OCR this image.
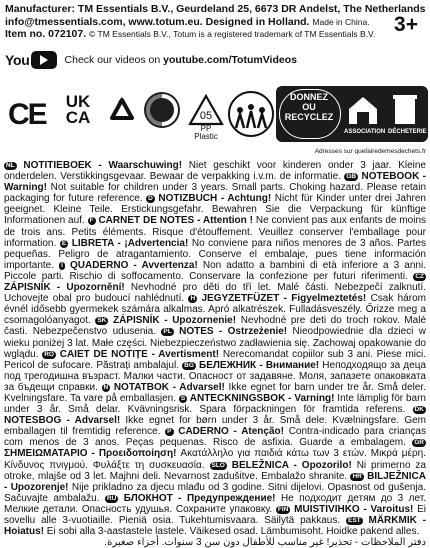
Manufacturer: TM Essentials B.V., Geurdeland 25, 6673 DR Andelst, The Netherlands
info@tmessentials.com, www.totum.eu. Designed in Holland. Made in China.
Item no. 072107. © TM Essentials B.V., Totum is a registered trademark of TM Essentials B.V. 3+
You	Check our videos on youtube.com/TotumVideos
CE	UK
CA	05
PP
Plastic
DONNEZ
OU
RECYCLEZ
ASSOCIATION DÉCHETERIE
Adresses sur quefairedemesdechets.fr

NL NOTITIEBOEK - Waarschuwing! Niet geschikt voor kinderen onder 3 jaar. Kleine onderdelen. Verstikkingsgevaar. Bewaar de verpakking i.v.m. de informatie. GB NOTEBOOK - Warning! Not suitable for children under 3 years. Small parts. Choking hazard. Please retain packaging for future reference. D NOTIZBUCH - Achtung! Nicht für Kinder unter drei Jahren geeignet. Kleine Teile. Erstickungsgefahr. Bewahren Sie die Verpackung für künftige Informationen auf. F CARNET DE NOTES - Attention ! Ne convient pas aux enfants de moins de trois ans. Petits éléments. Risque d'étouffement. Veuillez conserver l'emballage pour information. E LIBRETA - ¡Advertencia! No conviene para niños menores de 3 años. Partes pequeñas. Peligro de atragantamiento. Conserve el embalaje, pues tiene información importante. I QUADERNO - Avvertenza! Non adatto a bambini di età inferiore a 3 anni. Piccole parti. Rischio di soffocamento. Conservare la confezione per futuri riferimenti. CZ ZÁPISNÍK - Upozornění! Nevhodné pro děti do tří let. Malé části. Nebezpečí zalknutí. Uchovejte obal pro budoucí nahlédnutí. H JEGYZETFÜZET - Figyelmeztetés! Csak három évnél idősebb gyermekek számára alkalmas. Apró alkatrészek. Fulladásveszély. Őrizze meg a csomagolóanyagot. SK ZÁPISNÍK - Upozornenie! Nevhodné pre deti do troch rokov. Malé časti. Nebezpečenstvo udusenia. PL NOTES - Ostrzeżenie! Nieodpowiednie dla dzieci w wieku poniżej 3 lat. Małe części. Niebezpieczeństwo zadławienia się. Zachowaj opakowanie do wglądu. RO CAIET DE NOTIȚE - Avertisment! Nerecomandat copiilor sub 3 ani. Piese mici. Pericol de sufocare. Păstrați ambalajul. BG БЕЛЕЖНИК - Внимание! Неподходящо за деца под трегодишна възраст. Малки части. Опасност от задавяне. Моля, запазете опаковката за бъдещи справки. N NOTATBOK - Advarsel! Ikke egnet for barn under tre år. Små deler. Kvelningsfare. Ta vare på emballasjen. S ANTECKNINGSBOK - Varning! Inte lämplig för barn under 3 år. Små delar. Kvävningsrisk. Spara förpackningen för framtida referens. DK NOTESBOG - Advarsel! Ikke egnet for børn under 3 år. Små dele. Kvælningsfare. Gem emballagen til fremtidig reference. P CADERNO - Atenção! Contra-indicado para crianças com menos de 3 anos. Peças pequenas. Risco de asfixia. Guarde a embalagem. GR ΣΗΜΕΙΩΜΑΤΑΡΙΟ - Προειδοποίηση! Ακατάλληλο για παιδιά κάτω των 3 ετών. Μικρά μέρη. Κίνδυνος πνιγμού. Φυλάξτε τη συσκευασία. SLO BELEŽNICA - Opozorilo! Ni primerno za otroke, mlajše od 3 let. Majhni deli. Nevarnost zadušitve. Embalažo shranite. HR BILJEŽNICA - Upozorenje! Nije prikladno za djecu mlađu od 3 godine. Sitni dijelovi. Opasnost od gušenja. Sačuvajte ambalažu. RU БЛОКНОТ - Предупреждение! Не подходит детям до 3 лет. Мелкие детали. Опасность удушья. Сохраните упаковку. FIN MUISTIVIHKO - Varoitus! Ei sovellu alle 3-vuotiaille. Pieniä osia. Tukehtumisvaara. Säilytä pakkaus. EST MÄRKMIK - Hoiatus! Ei sobi alla 3-aastastele lastele. Väikesed osad. Lämbumisoht. Hoidke pakend alles.

دفتر الملاحظات - تحذير! غير مناسب للأطفال دون سن 3 سنوات. أجزاء صغيرة.
